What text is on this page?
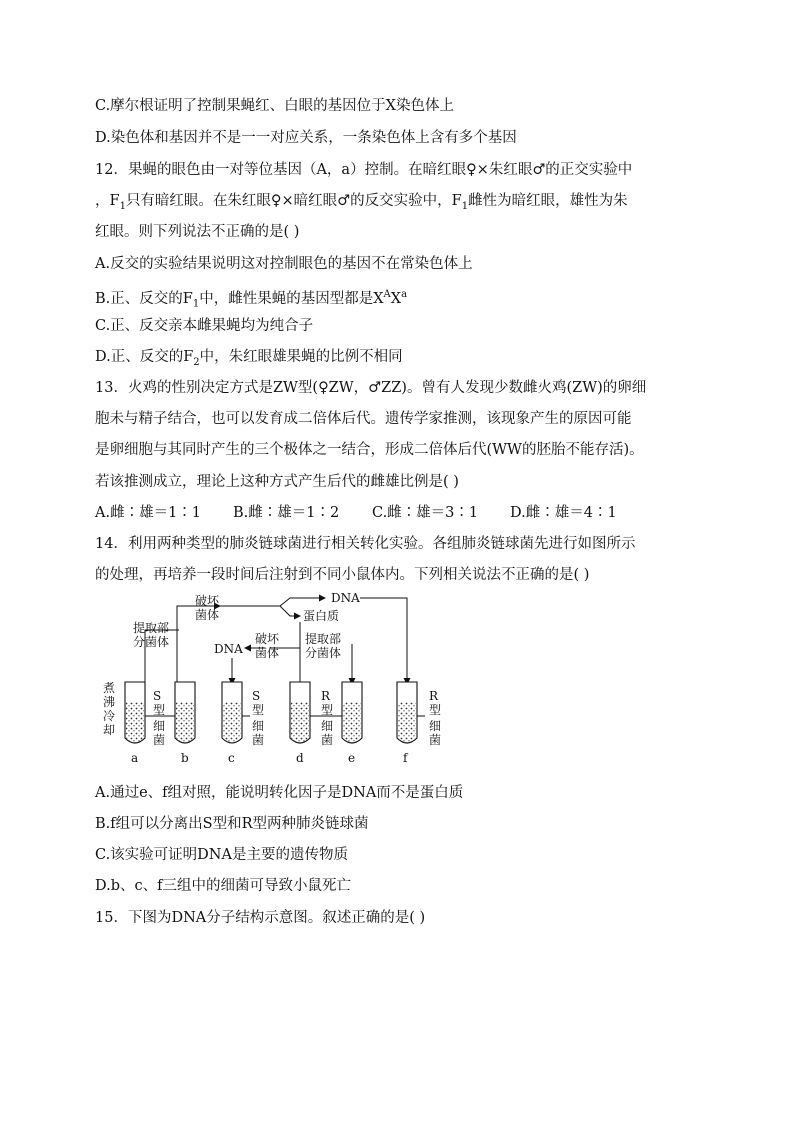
C.摩尔根证明了控制果蝇红、白眼的基因位于X染色体上
D.染色体和基因并不是一一对应关系，一条染色体上含有多个基因
12．果蝇的眼色由一对等位基因（A，a）控制。在暗红眼♀×朱红眼♂的正交实验中
，$F_1$只有暗红眼。在朱红眼♀×暗红眼♂的反交实验中，$F_1$雌性为暗红眼，雄性为朱
红眼。则下列说法不正确的是( )
A.反交的实验结果说明这对控制眼色的基因不在常染色体上
B.正、反交的$F_1$中，雌性果蝇的基因型都是$X^AX^a$
C.正、反交亲本雌果蝇均为纯合子
D.正、反交的$F_2$中，朱红眼雄果蝇的比例不相同
13．火鸡的性别决定方式是ZW型(♀ZW，♂ZZ)。曾有人发现少数雌火鸡(ZW)的卵细
胞未与精子结合，也可以发育成二倍体后代。遗传学家推测，该现象产生的原因可能
是卵细胞与其同时产生的三个极体之一结合，形成二倍体后代(WW的胚胎不能存活)。
若该推测成立，理论上这种方式产生后代的雌雄比例是( )
A.雌∶雄＝1∶1 B.雌∶雄＝1∶2 C.雌∶雄＝3∶1 D.雌∶雄＝4∶1
14．利用两种类型的肺炎链球菌进行相关转化实验。各组肺炎链球菌先进行如图所示
的处理，再培养一段时间后注射到不同小鼠体内。下列相关说法不正确的是( )
破坏
菌体
提取部
分菌体
DNA
蛋白质
DNA
破坏
菌体
提取部
分菌体
煮
沸
冷
却
S
型
细
菌
S
型
细
菌
R
型
细
菌
R
型
细
菌
a	b	c	d	e	f
A.通过e、f组对照，能说明转化因子是DNA而不是蛋白质
B.f组可以分离出S型和R型两种肺炎链球菌
C.该实验可证明DNA是主要的遗传物质
D.b、c、f三组中的细菌可导致小鼠死亡
15．下图为DNA分子结构示意图。叙述正确的是( )
